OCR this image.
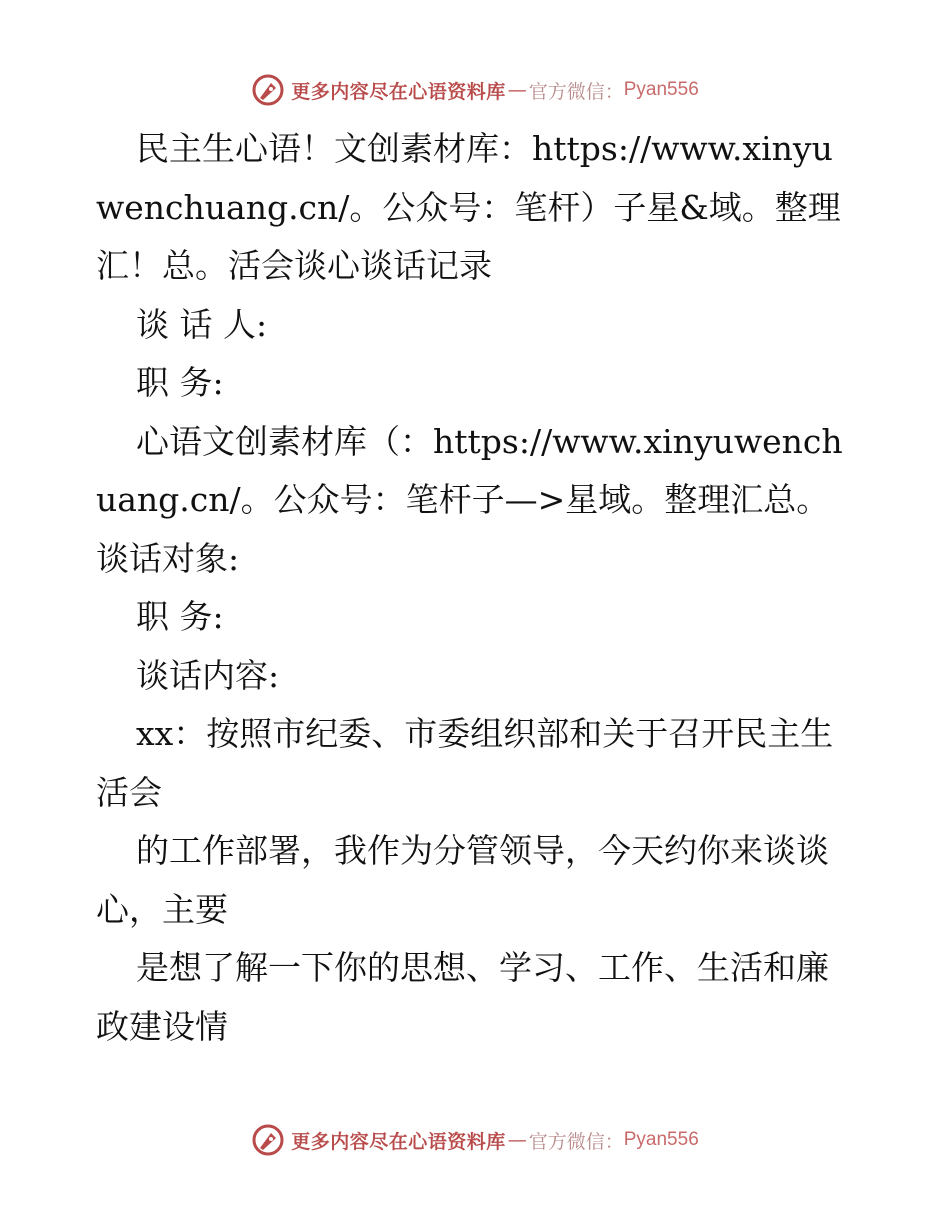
更多内容尽在心语资料库 — 官方微信： Pyan556

民主生心语！文创素材库：https://www.xinyuwenchuang.cn/。公众号：笔杆）子星&域。整理汇！总。活会谈心谈话记录

谈 话 人:

职 务:

心语文创素材库（：https://www.xinyuwenchuang.cn/。公众号：笔杆子—>星域。整理汇总。谈话对象:

职 务:

谈话内容:

xx：按照市纪委、市委组织部和关于召开民主生活会

的工作部署，我作为分管领导，今天约你来谈谈心，主要

是想了解一下你的思想、学习、工作、生活和廉政建设情

更多内容尽在心语资料库 — 官方微信： Pyan556
